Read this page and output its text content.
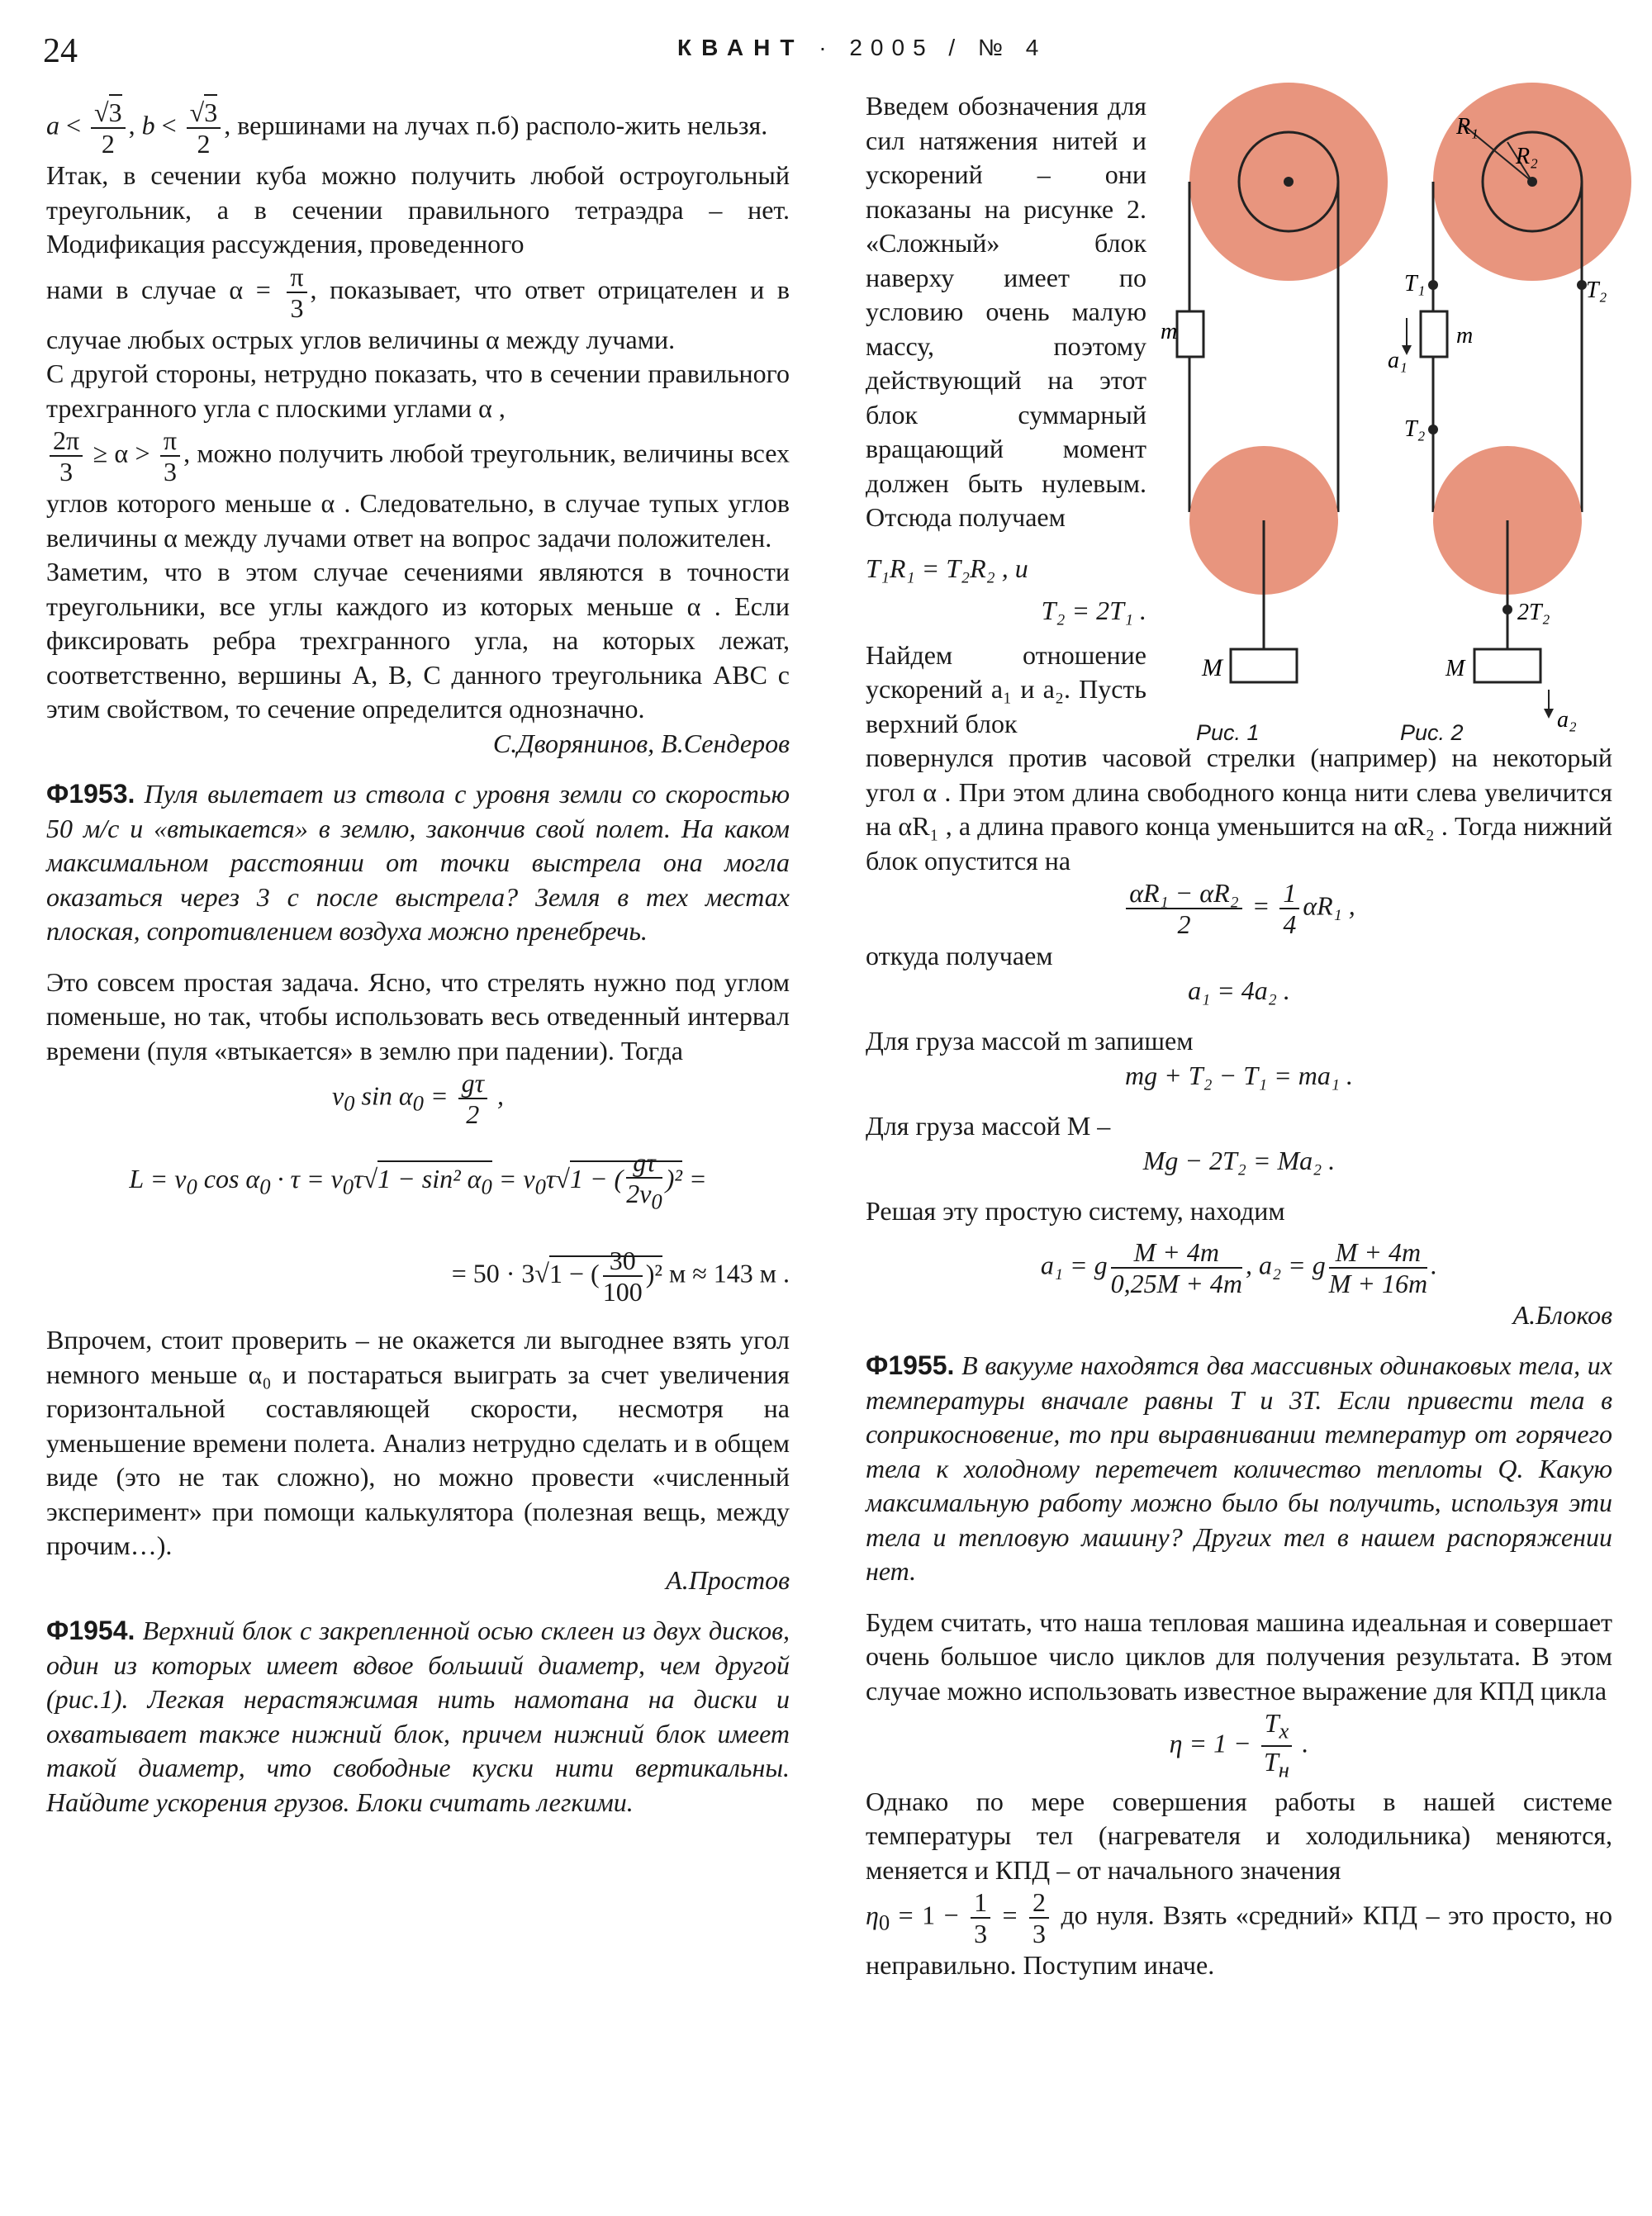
24	КВАНТ · 2005 / № 4

$a < \frac{√3}{2}$ , $b < \frac{√3}{2}$ , вершинами на лучах п.б) располо-жить нельзя.

Итак, в сечении куба можно получить любой остроугольный треугольник, а в сечении правильного тетраэдра – нет. Модификация рассуждения, проведенного

нами в случае $\alpha = \frac{\pi}{3}$ , показывает, что ответ отрицателен и в случае любых острых углов величины α между лучами.

С другой стороны, нетрудно показать, что в сечении правильного трехгранного угла с плоскими углами α ,

$\frac{2\pi}{3} \ge \alpha > \frac{\pi}{3}$ , можно получить любой треугольник, величины всех углов которого меньше α . Следовательно, в случае тупых углов величины α между лучами ответ на вопрос задачи положителен.

Заметим, что в этом случае сечениями являются в точности треугольники, все углы каждого из которых меньше α . Если фиксировать ребра трехгранного угла, на которых лежат, соответственно, вершины A, B, C данного треугольника ABC с этим свойством, то сечение определится однозначно.

С.Дворянинов, В.Сендеров

Ф1953. Пуля вылетает из ствола с уровня земли со скоростью 50 м/с и «втыкается» в землю, закончив свой полет. На каком максимальном расстоянии от точки выстрела она могла оказаться через 3 с после выстрела? Земля в тех местах плоская, сопротивлением воздуха можно пренебречь.

Это совсем простая задача. Ясно, что стрелять нужно под углом поменьше, но так, чтобы использовать весь отведенный интервал времени (пуля «втыкается» в землю при падении). Тогда

$v_0$ $\sin \alpha_0 = \frac{g\tau}{2}$ ,

$L = v_0$ $\cos \alpha_0 \cdot \tau = v_0\tau√1 - \sin^2$ $\alpha_0 = v_0\tau√1$ − ( $\frac{g\tau}{2v_0} )^2$ =

= 50 · 3√1 − ( $\frac{30}{100} )^2$ м ≈ 143 м .

Впрочем, стоит проверить – не окажется ли выгоднее взять угол немного меньше α₀ и постараться выиграть за счет увеличения горизонтальной составляющей скорости, несмотря на уменьшение времени полета. Анализ нетрудно сделать и в общем виде (это не так сложно), но можно провести «численный эксперимент» при помощи калькулятора (полезная вещь, между прочим…).

А.Простов

Ф1954. Верхний блок с закрепленной осью склеен из двух дисков, один из которых имеет вдвое больший диаметр, чем другой (рис.1). Легкая нерастяжимая нить намотана на диски и охватывает также нижний блок, причем нижний блок имеет такой диаметр, что свободные куски нити вертикальны. Найдите ускорения грузов. Блоки считать легкими.

Введем обозначения для сил натяжения нитей и ускорений – они показаны на рисунке 2. «Сложный» блок наверху имеет по условию очень малую массу, поэтому действующий на этот блок суммарный вращающий момент должен быть нулевым. Отсюда получаем

T₁R₁ = T₂R₂ , и

T₂ = 2T₁ .

Найдем отношение ускорений a₁ и a₂. Пусть верхний блок

повернулся против часовой стрелки (например) на некоторый угол α . При этом длина свободного конца нити слева увеличится на αR₁ , а длина правого конца уменьшится на αR₂ . Тогда нижний блок опустится на

$\frac{\text{αR₁ − αR₂}}{2} = \frac{1}{4} \alpha R_1$ ,

откуда получаем

a₁ = 4a₂ .

Для груза массой m запишем

mg + T₂ − T₁ = ma₁ .

Для груза массой M –

Mg − 2T₂ = Ma₂ .

Решая эту простую систему, находим

a₁ = g $\frac{M + 4m}{0,25M + 4m}$ , a₂ = g $\frac{M + 4m}{M + 16m}$ .

А.Блоков

Ф1955. В вакууме находятся два массивных одинаковых тела, их температуры вначале равны T и 3T. Если привести тела в соприкосновение, то при выравнивании температур от горячего тела к холодному перетечет количество теплоты Q. Какую максимальную работу можно было бы получить, используя эти тела и тепловую машину? Других тел в нашем распоряжении нет.

Будем считать, что наша тепловая машина идеальная и совершает очень большое число циклов для получения результата. В этом случае можно использовать известное выражение для КПД цикла

$\eta = 1 - \frac{T_х}{T_н}$ .

Однако по мере совершения работы в нашей системе температуры тел (нагревателя и холодильника) меняются, меняется и КПД – от начального значения

$\eta_0 = 1 - \frac{1}{3} = \frac{2}{3}$ до нуля. Взять «средний» КПД – это просто, но неправильно. Поступим иначе.

m
M
R₁
R₂
T₁	T₂
m
a₁
T₂
2T₂
M
a₂
Рис. 1	Рис. 2
